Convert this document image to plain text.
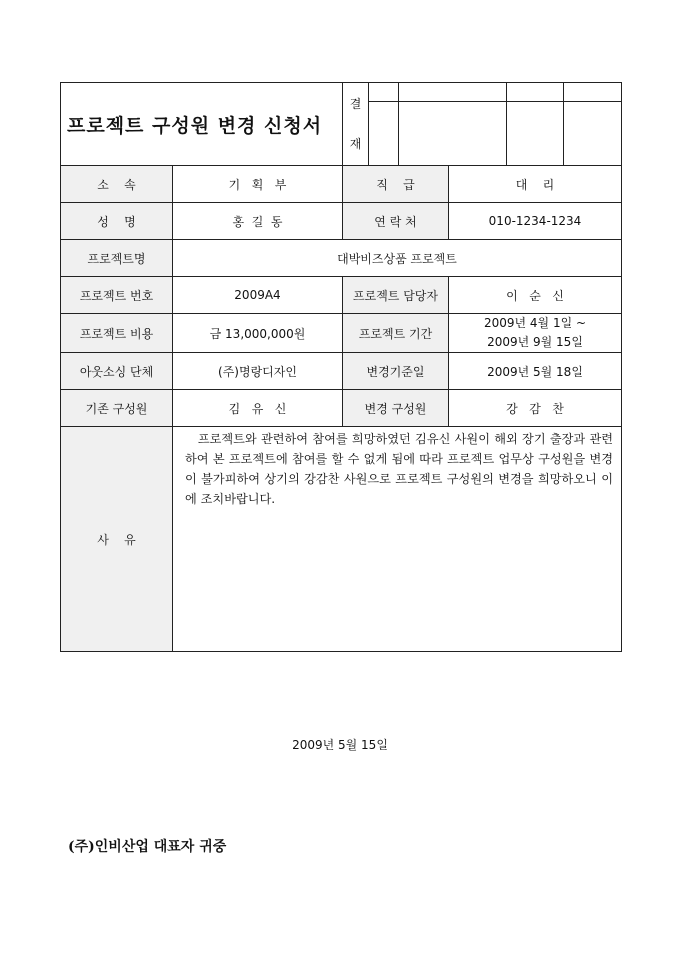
프로젝트 구성원 변경 신청서		결
재					

소    속	기   획   부	직    급			대    리		
성    명	홍  길  동	연 락 처			010-1234-1234		
프로젝트명	대박비즈상품 프로젝트						
프로젝트 번호	2009A4	프로젝트 담당자			이   순   신		
프로젝트 비용	금 13,000,000원	프로젝트 기간			2009년 4월 1일 ~
2009년 9월 15일		
아웃소싱 단체	(주)명랑디자인	변경기준일			2009년 5월 18일		
기존 구성원	김   유   신	변경 구성원			강   감   찬		
사    유	프로젝트와 관련하여 참여를 희망하였던 김유신 사원이 해외 장기 출장과 관련하여 본 프로젝트에 참여를 할 수 없게 됨에 따라 프로젝트 업무상 구성원을 변경이 불가피하여 상기의 강감찬 사원으로 프로젝트 구성원의 변경을 희망하오니 이에 조치바랍니다.						
2009년 5월 15일
(주)인비산업 대표자 귀중
